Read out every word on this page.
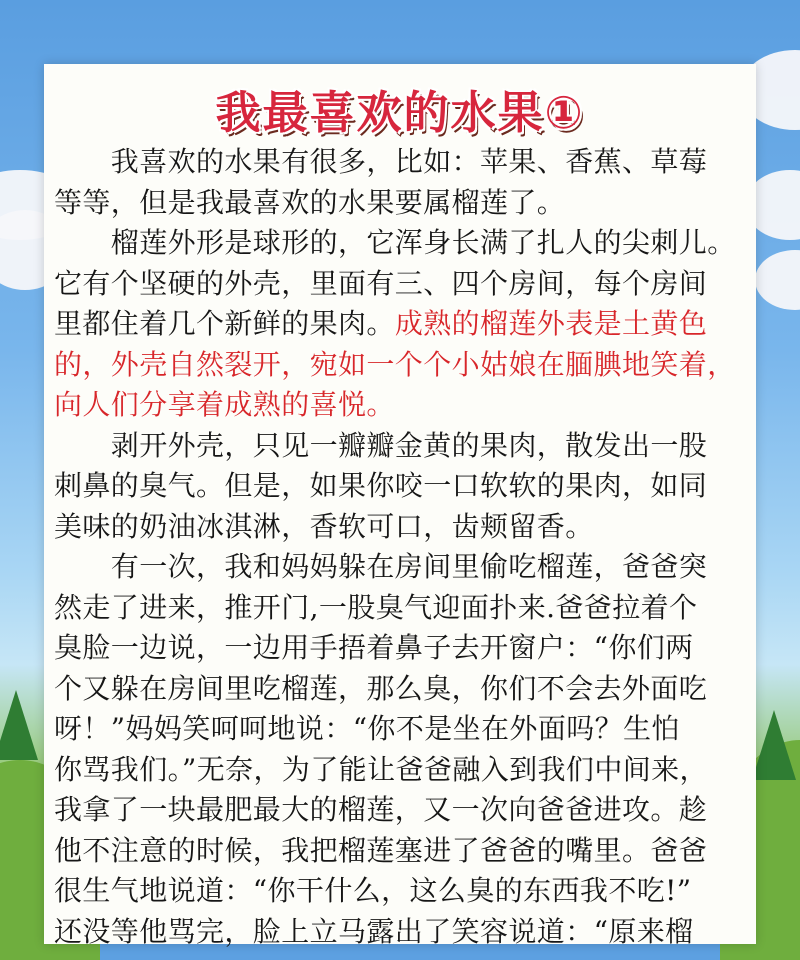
我最喜欢的水果①
　　我喜欢的水果有很多，比如：苹果、香蕉、草莓
等等，但是我最喜欢的水果要属榴莲了。
　　榴莲外形是球形的，它浑身长满了扎人的尖刺儿。
它有个坚硬的外壳，里面有三、四个房间，每个房间
里都住着几个新鲜的果肉。成熟的榴莲外表是土黄色
的，外壳自然裂开，宛如一个个小姑娘在腼腆地笑着，
向人们分享着成熟的喜悦。
　　剥开外壳，只见一瓣瓣金黄的果肉，散发出一股
刺鼻的臭气。但是，如果你咬一口软软的果肉，如同
美味的奶油冰淇淋，香软可口，齿颊留香。
　　有一次，我和妈妈躲在房间里偷吃榴莲，爸爸突
然走了进来，推开门,一股臭气迎面扑来.爸爸拉着个
臭脸一边说，一边用手捂着鼻子去开窗户：“你们两
个又躲在房间里吃榴莲，那么臭，你们不会去外面吃
呀！”妈妈笑呵呵地说：“你不是坐在外面吗？生怕
你骂我们。”无奈，为了能让爸爸融入到我们中间来，
我拿了一块最肥最大的榴莲，又一次向爸爸进攻。趁
他不注意的时候，我把榴莲塞进了爸爸的嘴里。爸爸
很生气地说道：“你干什么，这么臭的东西我不吃!”
还没等他骂完，脸上立马露出了笑容说道：“原来榴
